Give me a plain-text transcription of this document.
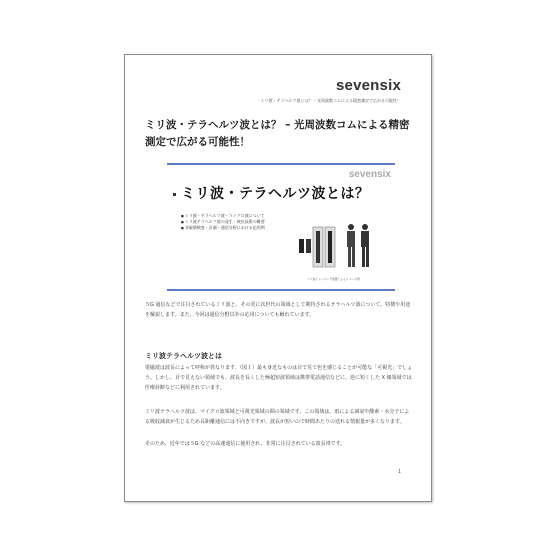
sevensix
ミリ波・テラヘルツ波とは？ – 光周波数コムによる精密測定で広がる可能性！
ミリ波・テラヘルツ波とは？ – 光周波数コムによる精密測定で広がる可能性！
sevensix
ミリ波・テラヘルツ波とは？
■ ミリ波・テラヘルツ波・マイクロ波について
■ ミリ波テラヘルツ波の発生・検出技術の概要
■ 非破壊検査・計測・通信分野における応用例
ミリ波イメージング装置によるイメージ例
５G 通信などで注目されているミリ波と、その更に次世代の領域として期待されるテラヘルツ波について、特徴や用途を解説します。また、今回は通信分野以外の応用についても触れています。
ミリ波テラヘルツ波とは
電磁波は波長によって呼称が異なります。（図１）最も身近なものは目で見て色を感じることが可能な「可視光」でしょう。しかし、目で見えない領域でも、波長を長くした極超短波領域は携帯電話通信などに、逆に短くした X 線領域では医療診断などに利用されています。
ミリ波テラヘルツ波は、マイクロ波領域と可視光領域の間の領域です。この領域は、雨による減衰や酸素・水分子による吸収減衰が生じるため長距離通信には不向きですが、波長が短いので時間あたりの送れる情報量が多くなります。
そのため、近年では５G などの高速通信に使用され、非常に注目されている波長帯です。
1
